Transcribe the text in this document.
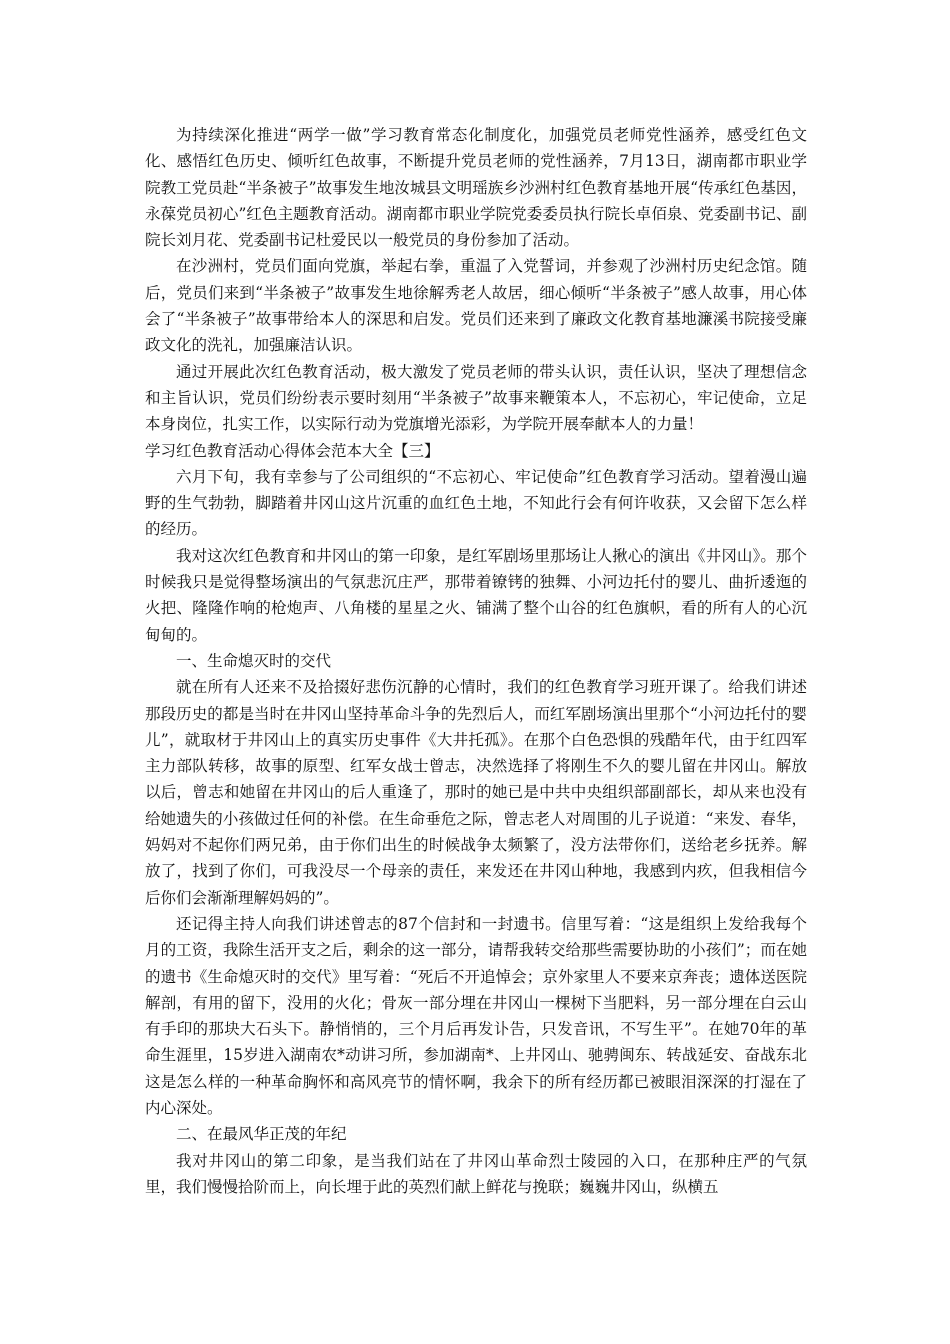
为持续深化推进“两学一做”学习教育常态化制度化，加强党员老师党性涵养，感受红色文化、感悟红色历史、倾听红色故事，不断提升党员老师的党性涵养，7月13日，湖南都市职业学院教工党员赴“半条被子”故事发生地汝城县文明瑶族乡沙洲村红色教育基地开展“传承红色基因，永葆党员初心”红色主题教育活动。湖南都市职业学院党委委员执行院长卓佰泉、党委副书记、副院长刘月花、党委副书记杜爱民以一般党员的身份参加了活动。

在沙洲村，党员们面向党旗，举起右拳，重温了入党誓词，并参观了沙洲村历史纪念馆。随后，党员们来到“半条被子”故事发生地徐解秀老人故居，细心倾听“半条被子”感人故事，用心体会了“半条被子”故事带给本人的深思和启发。党员们还来到了廉政文化教育基地濂溪书院接受廉政文化的洗礼，加强廉洁认识。

通过开展此次红色教育活动，极大激发了党员老师的带头认识，责任认识，坚决了理想信念和主旨认识，党员们纷纷表示要时刻用“半条被子”故事来鞭策本人，不忘初心，牢记使命，立足本身岗位，扎实工作，以实际行动为党旗增光添彩，为学院开展奉献本人的力量！

学习红色教育活动心得体会范本大全【三】

六月下旬，我有幸参与了公司组织的“不忘初心、牢记使命”红色教育学习活动。望着漫山遍野的生气勃勃，脚踏着井冈山这片沉重的血红色土地，不知此行会有何许收获，又会留下怎么样的经历。

我对这次红色教育和井冈山的第一印象，是红军剧场里那场让人揪心的演出《井冈山》。那个时候我只是觉得整场演出的气氛悲沉庄严，那带着镣铐的独舞、小河边托付的婴儿、曲折逶迤的火把、隆隆作响的枪炮声、八角楼的星星之火、铺满了整个山谷的红色旗帜，看的所有人的心沉甸甸的。

一、生命熄灭时的交代

就在所有人还来不及拾掇好悲伤沉静的心情时，我们的红色教育学习班开课了。给我们讲述那段历史的都是当时在井冈山坚持革命斗争的先烈后人，而红军剧场演出里那个“小河边托付的婴儿”，就取材于井冈山上的真实历史事件《大井托孤》。在那个白色恐惧的残酷年代，由于红四军主力部队转移，故事的原型、红军女战士曾志，决然选择了将刚生不久的婴儿留在井冈山。解放以后，曾志和她留在井冈山的后人重逢了，那时的她已是中共中央组织部副部长，却从来也没有给她遗失的小孩做过任何的补偿。在生命垂危之际，曾志老人对周围的儿子说道：“来发、春华，妈妈对不起你们两兄弟，由于你们出生的时候战争太频繁了，没方法带你们，送给老乡抚养。解放了，找到了你们，可我没尽一个母亲的责任，来发还在井冈山种地，我感到内疚，但我相信今后你们会渐渐理解妈妈的”。

还记得主持人向我们讲述曾志的87个信封和一封遗书。信里写着：“这是组织上发给我每个月的工资，我除生活开支之后，剩余的这一部分，请帮我转交给那些需要协助的小孩们”；而在她的遗书《生命熄灭时的交代》里写着：“死后不开追悼会；京外家里人不要来京奔丧；遗体送医院解剖，有用的留下，没用的火化；骨灰一部分埋在井冈山一棵树下当肥料，另一部分埋在白云山有手印的那块大石头下。静悄悄的，三个月后再发讣告，只发音讯，不写生平”。在她70年的革命生涯里，15岁进入湖南农*动讲习所，参加湖南*、上井冈山、驰骋闽东、转战延安、奋战东北这是怎么样的一种革命胸怀和高风亮节的情怀啊，我余下的所有经历都已被眼泪深深的打湿在了内心深处。

二、在最风华正茂的年纪

我对井冈山的第二印象，是当我们站在了井冈山革命烈士陵园的入口，在那种庄严的气氛里，我们慢慢拾阶而上，向长埋于此的英烈们献上鲜花与挽联；巍巍井冈山，纵横五
